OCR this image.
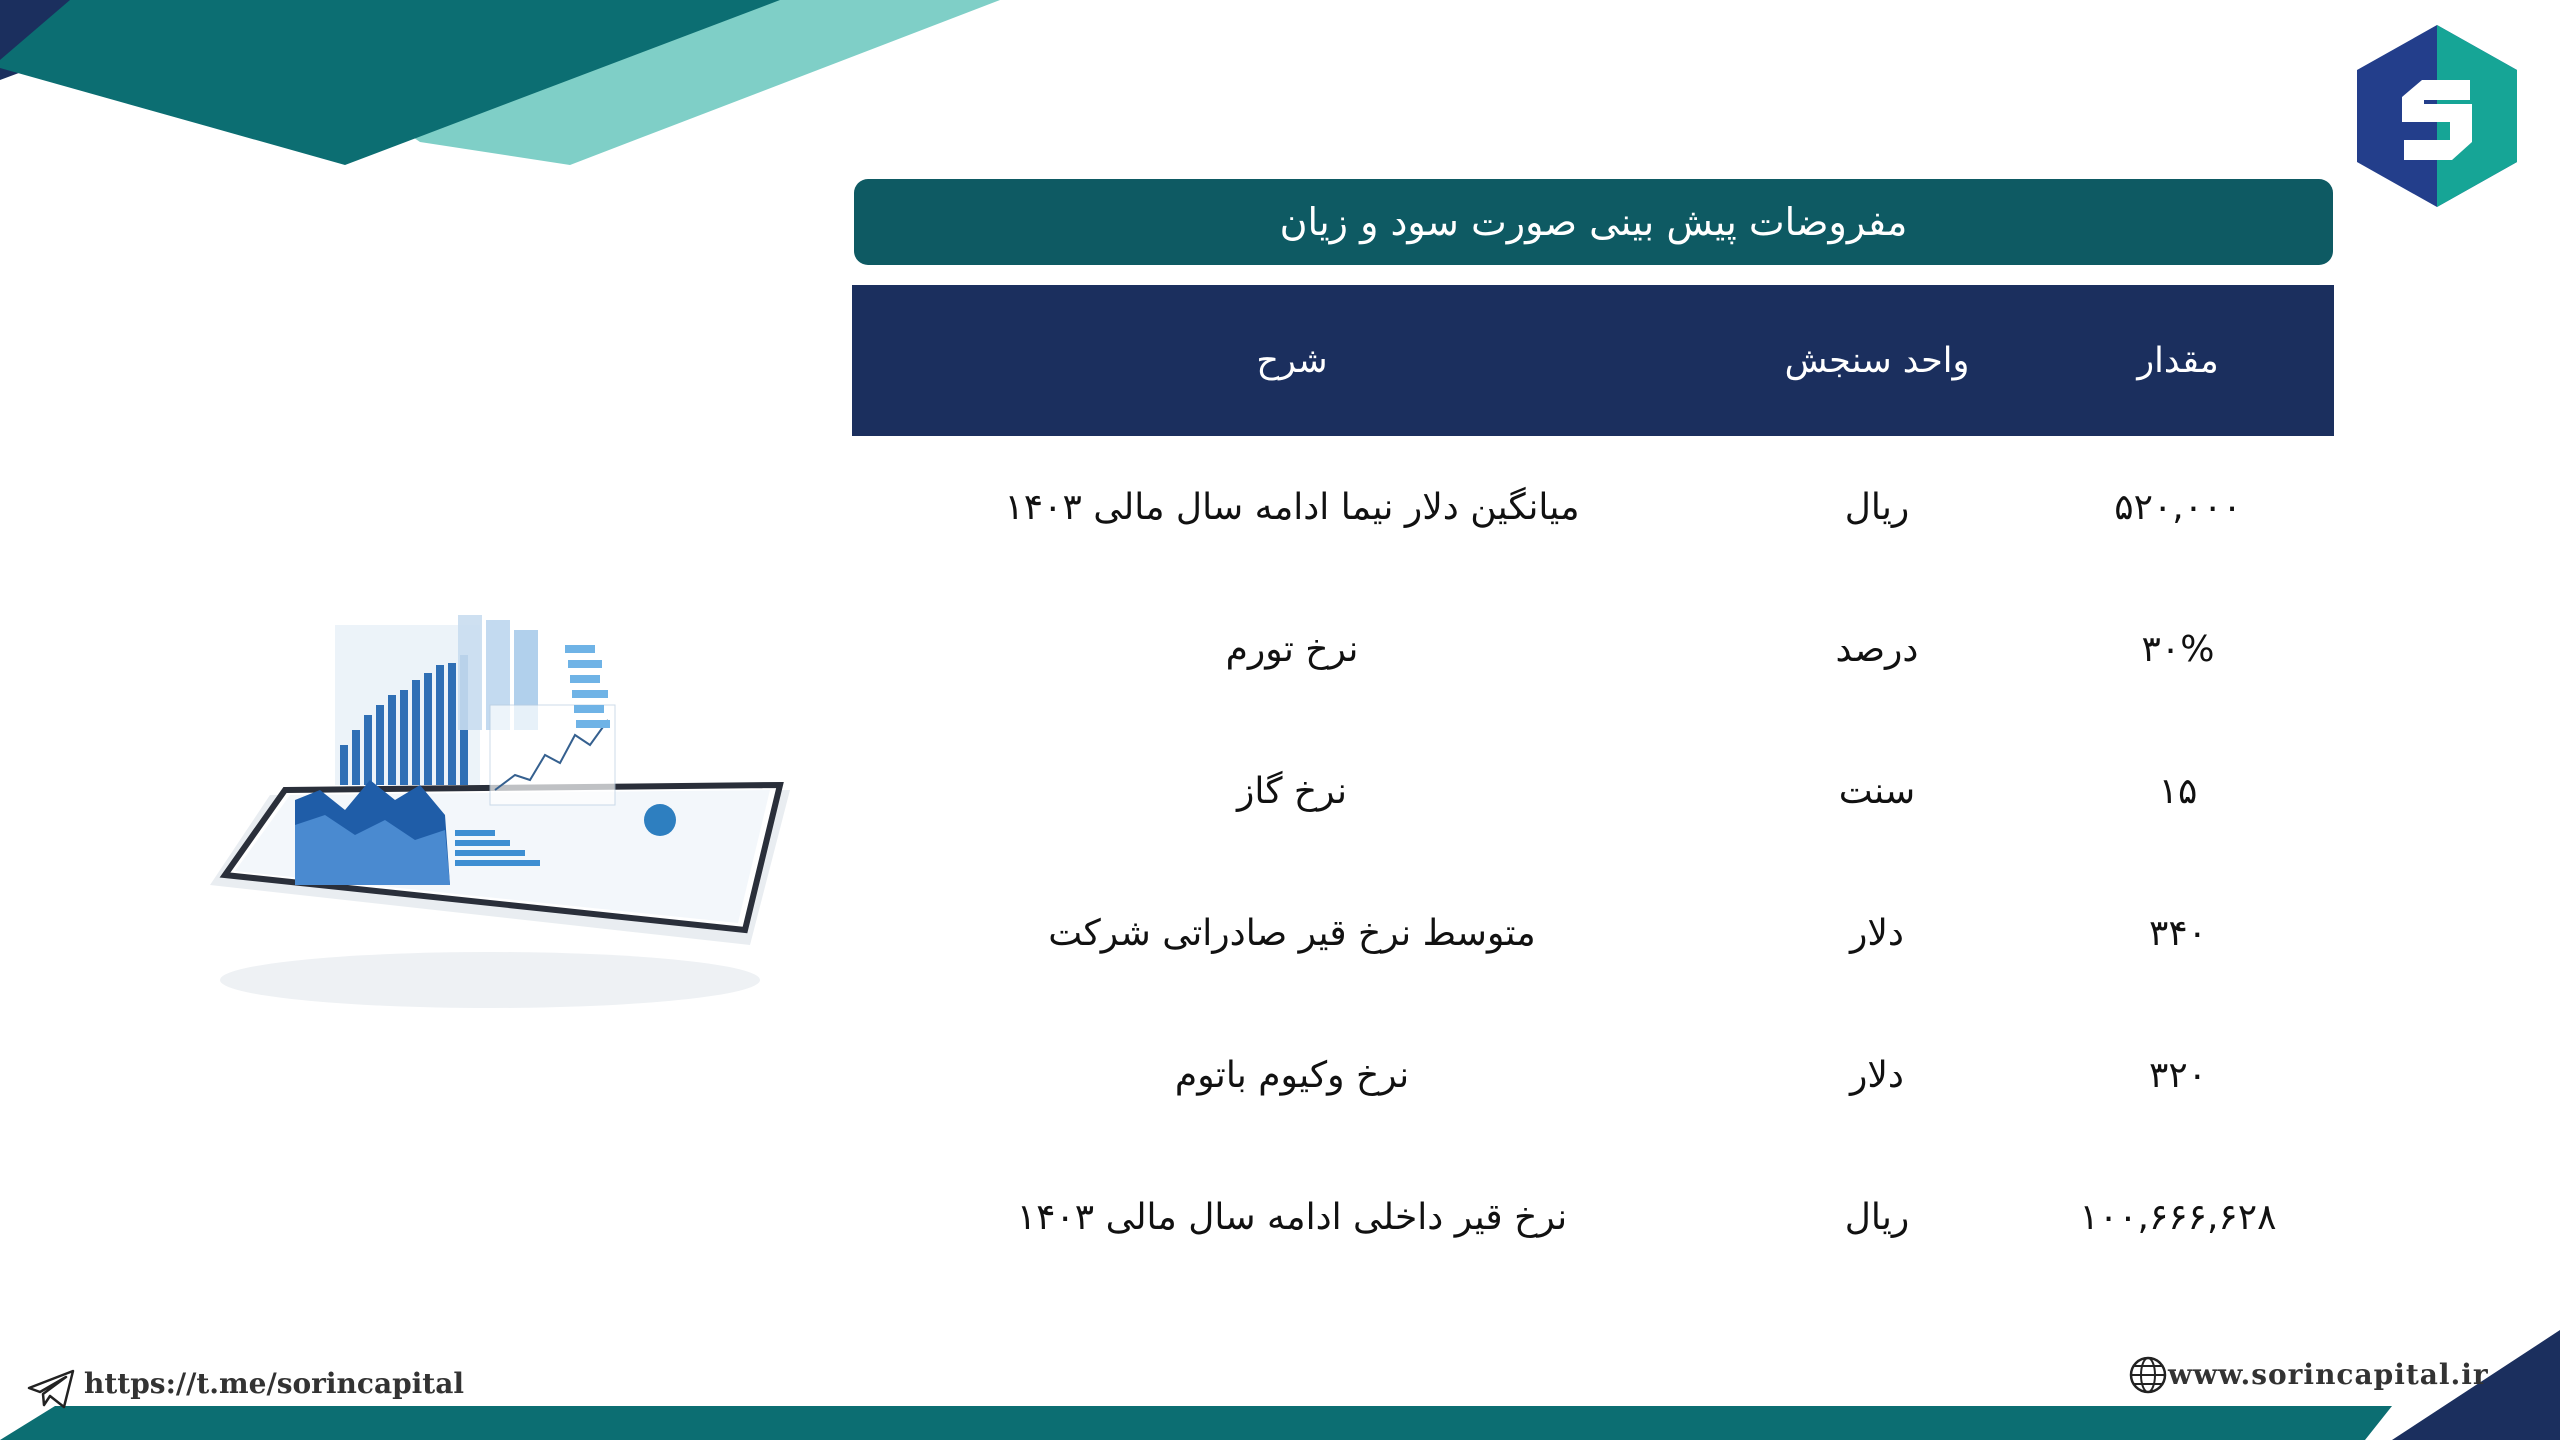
مفروضات پیش بینی صورت سود و زیان
شرح	واحد سنجش	مقدار
میانگین دلار نیما ادامه سال مالی ۱۴۰۳	ریال	۵۲۰,۰۰۰
نرخ تورم	درصد	۳۰%
نرخ گاز	سنت	۱۵
متوسط نرخ قیر صادراتی شرکت	دلار	۳۴۰
نرخ وکیوم باتوم	دلار	۳۲۰
نرخ قیر داخلی ادامه سال مالی ۱۴۰۳	ریال	۱۰۰,۶۶۶,۶۲۸
https://t.me/sorincapital	www.sorincapital.ir
